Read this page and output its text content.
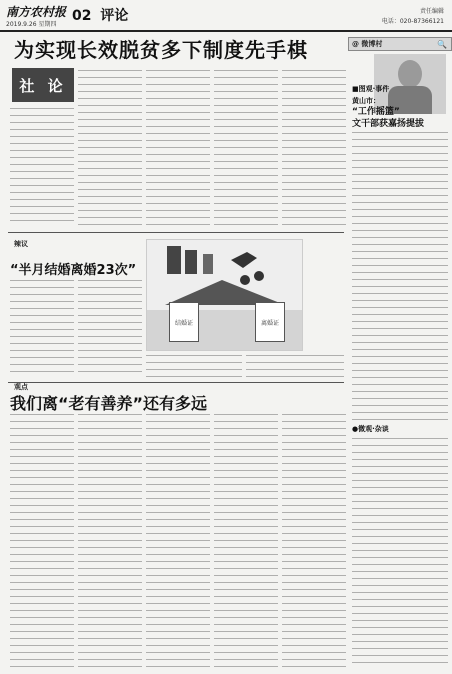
南方农村报
2019.9.26 星期四
02 评论	责任编辑
电话：020-87366121
为实现长效脱贫多下制度先手棋
社 论
辣议
“半月结婚离婚23次”
结婚证	离婚证
观点
我们离“老有善养”还有多远
@ 微博村	🔍
■图观·事件
黄山市：
“工作摇篮”
文干部获嘉扬提拔
●微观·杂谈
